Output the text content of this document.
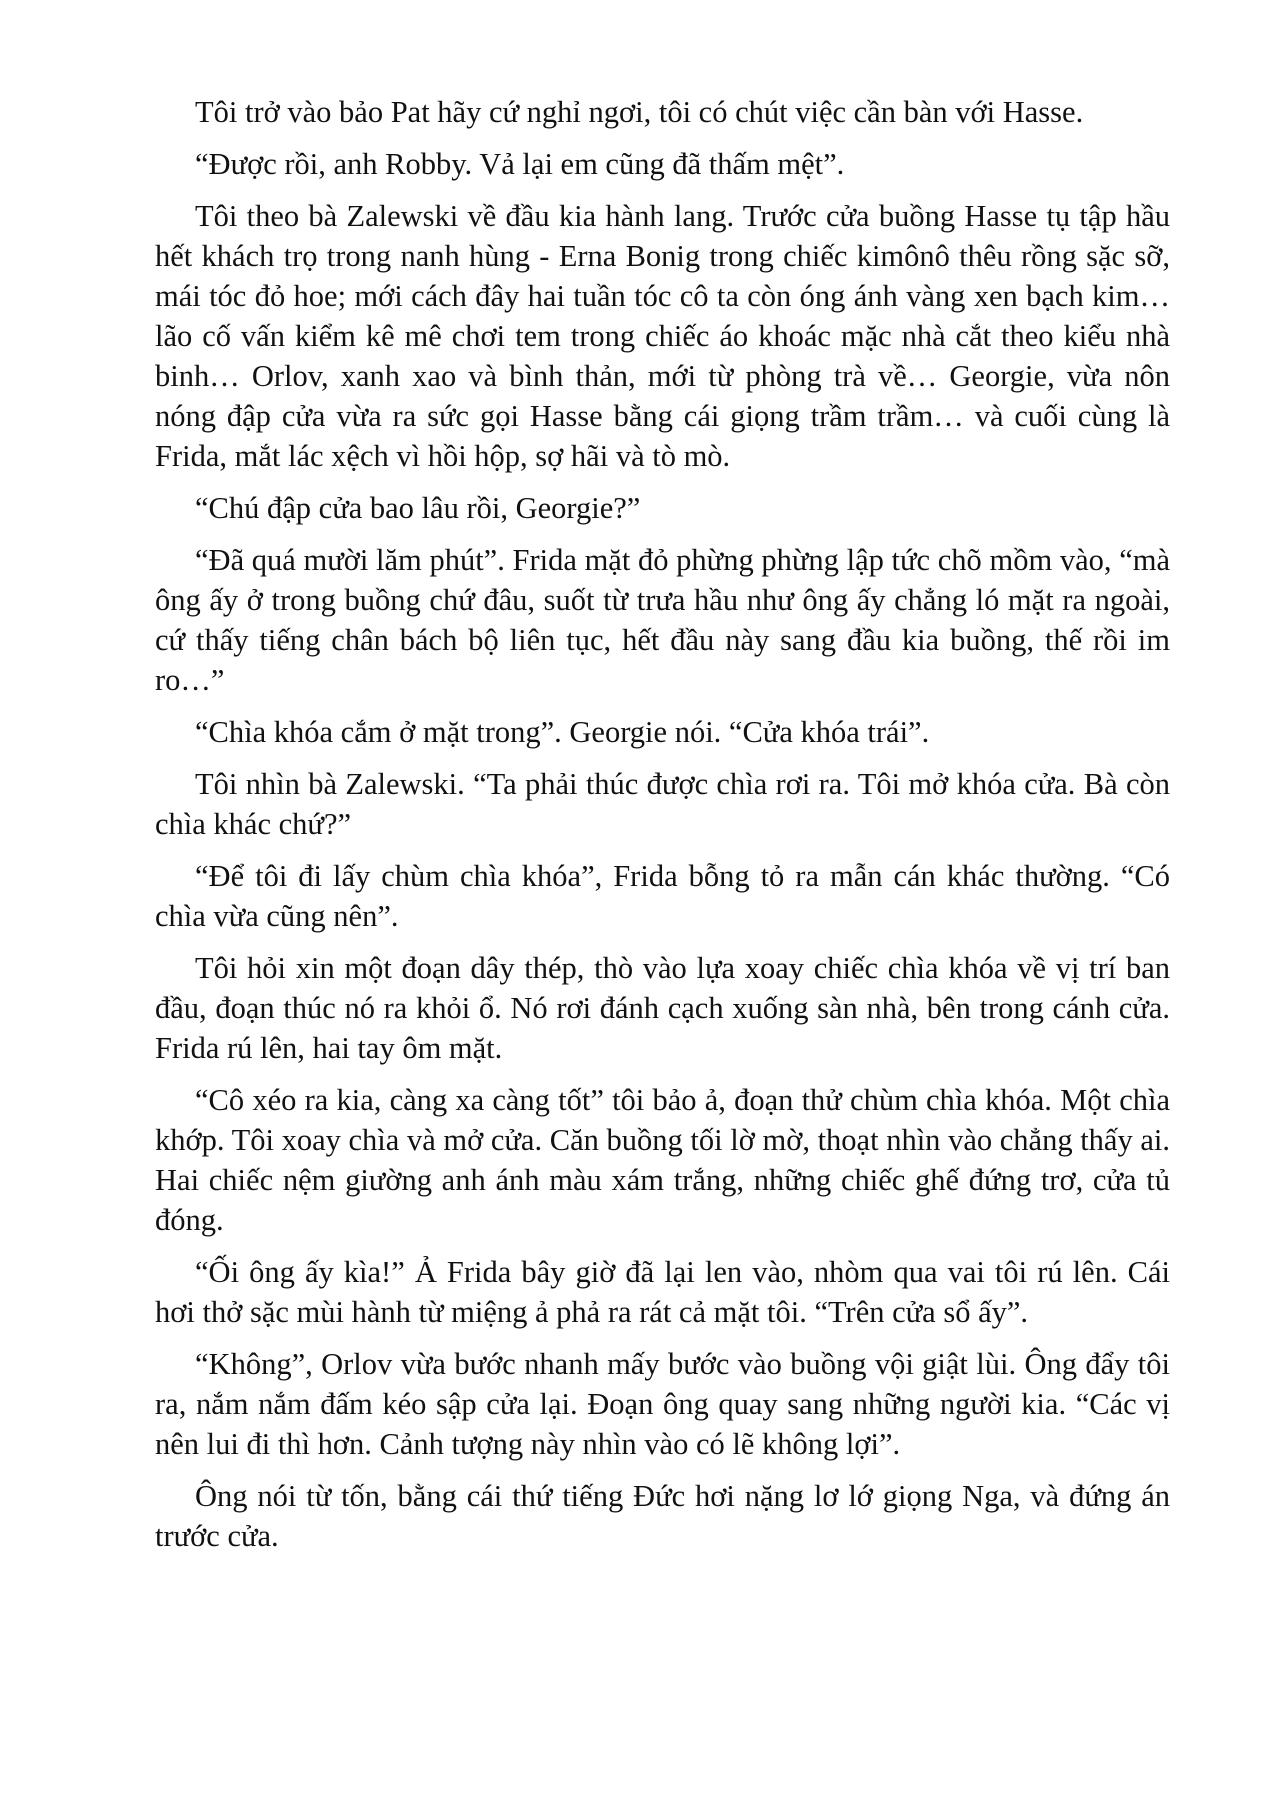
Tôi trở vào bảo Pat hãy cứ nghỉ ngơi, tôi có chút việc cần bàn với Hasse.

“Được rồi, anh Robby. Vả lại em cũng đã thấm mệt”.

Tôi theo bà Zalewski về đầu kia hành lang. Trước cửa buồng Hasse tụ tập hầu hết khách trọ trong nanh hùng - Erna Bonig trong chiếc kimônô thêu rồng sặc sỡ, mái tóc đỏ hoe; mới cách đây hai tuần tóc cô ta còn óng ánh vàng xen bạch kim… lão cố vấn kiểm kê mê chơi tem trong chiếc áo khoác mặc nhà cắt theo kiểu nhà binh… Orlov, xanh xao và bình thản, mới từ phòng trà về… Georgie, vừa nôn nóng đập cửa vừa ra sức gọi Hasse bằng cái giọng trầm trầm… và cuối cùng là Frida, mắt lác xệch vì hồi hộp, sợ hãi và tò mò.

“Chú đập cửa bao lâu rồi, Georgie?”

“Đã quá mười lăm phút”. Frida mặt đỏ phừng phừng lập tức chõ mồm vào, “mà ông ấy ở trong buồng chứ đâu, suốt từ trưa hầu như ông ấy chẳng ló mặt ra ngoài, cứ thấy tiếng chân bách bộ liên tục, hết đầu này sang đầu kia buồng, thế rồi im ro…”

“Chìa khóa cắm ở mặt trong”. Georgie nói. “Cửa khóa trái”.

Tôi nhìn bà Zalewski. “Ta phải thúc được chìa rơi ra. Tôi mở khóa cửa. Bà còn chìa khác chứ?”

“Để tôi đi lấy chùm chìa khóa”, Frida bỗng tỏ ra mẫn cán khác thường. “Có chìa vừa cũng nên”.

Tôi hỏi xin một đoạn dây thép, thò vào lựa xoay chiếc chìa khóa về vị trí ban đầu, đoạn thúc nó ra khỏi ổ. Nó rơi đánh cạch xuống sàn nhà, bên trong cánh cửa. Frida rú lên, hai tay ôm mặt.

“Cô xéo ra kia, càng xa càng tốt” tôi bảo ả, đoạn thử chùm chìa khóa. Một chìa khớp. Tôi xoay chìa và mở cửa. Căn buồng tối lờ mờ, thoạt nhìn vào chẳng thấy ai. Hai chiếc nệm giường anh ánh màu xám trắng, những chiếc ghế đứng trơ, cửa tủ đóng.

“Ối ông ấy kìa!” Ả Frida bây giờ đã lại len vào, nhòm qua vai tôi rú lên. Cái hơi thở sặc mùi hành từ miệng ả phả ra rát cả mặt tôi. “Trên cửa sổ ấy”.

“Không”, Orlov vừa bước nhanh mấy bước vào buồng vội giật lùi. Ông đẩy tôi ra, nắm nắm đấm kéo sập cửa lại. Đoạn ông quay sang những người kia. “Các vị nên lui đi thì hơn. Cảnh tượng này nhìn vào có lẽ không lợi”.

Ông nói từ tốn, bằng cái thứ tiếng Đức hơi nặng lơ lớ giọng Nga, và đứng án trước cửa.
